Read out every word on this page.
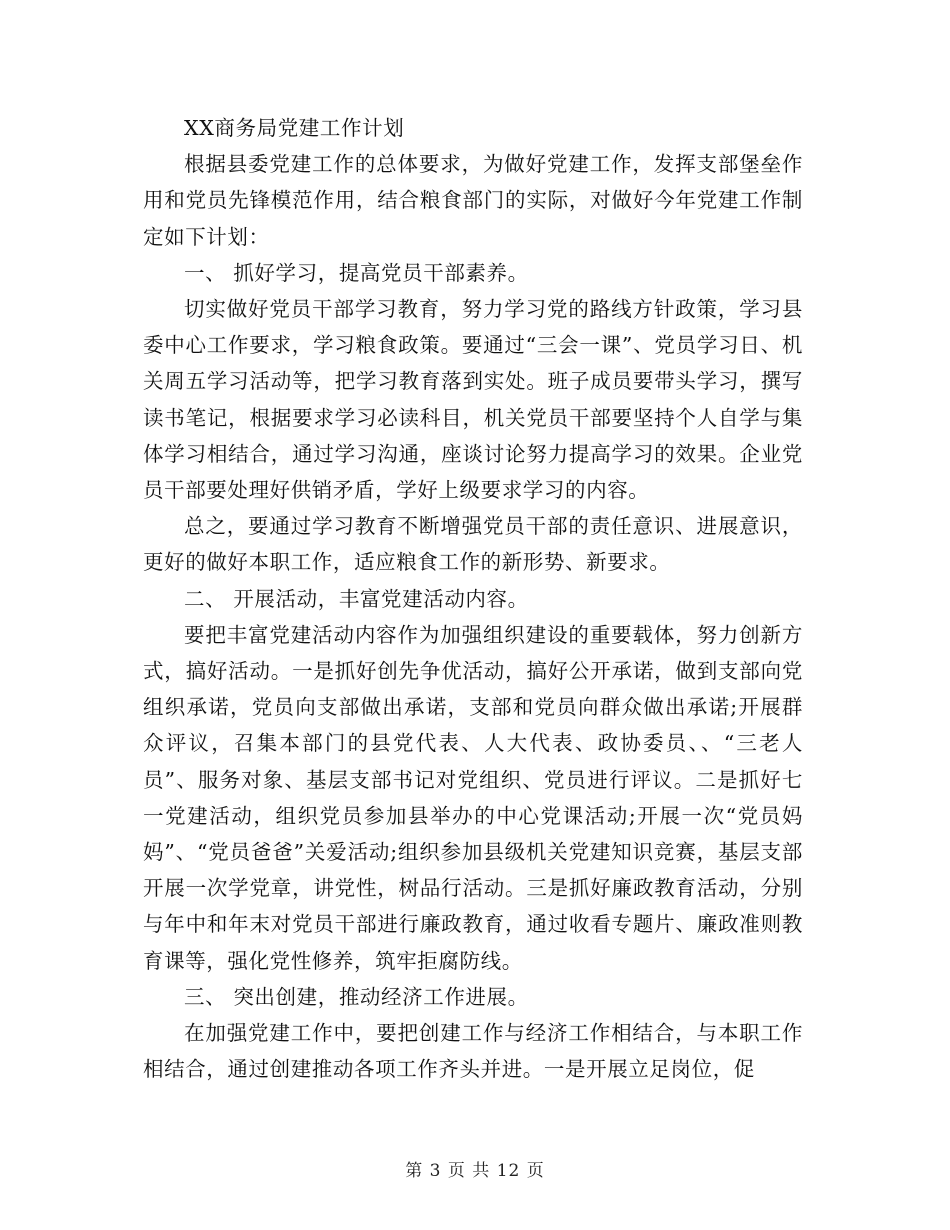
XX商务局党建工作计划

根据县委党建工作的总体要求，为做好党建工作，发挥支部堡垒作用和党员先锋模范作用，结合粮食部门的实际，对做好今年党建工作制定如下计划：

一、 抓好学习，提高党员干部素养。

切实做好党员干部学习教育，努力学习党的路线方针政策，学习县委中心工作要求，学习粮食政策。要通过“三会一课”、党员学习日、机关周五学习活动等，把学习教育落到实处。班子成员要带头学习，撰写读书笔记，根据要求学习必读科目，机关党员干部要坚持个人自学与集体学习相结合，通过学习沟通，座谈讨论努力提高学习的效果。企业党员干部要处理好供销矛盾，学好上级要求学习的内容。

总之，要通过学习教育不断增强党员干部的责任意识、进展意识，更好的做好本职工作，适应粮食工作的新形势、新要求。

二、 开展活动，丰富党建活动内容。

要把丰富党建活动内容作为加强组织建设的重要载体，努力创新方式，搞好活动。一是抓好创先争优活动，搞好公开承诺，做到支部向党组织承诺，党员向支部做出承诺，支部和党员向群众做出承诺;开展群众评议，召集本部门的县党代表、人大代表、政协委员、、“三老人员”、服务对象、基层支部书记对党组织、党员进行评议。二是抓好七一党建活动，组织党员参加县举办的中心党课活动;开展一次“党员妈妈”、“党员爸爸”关爱活动;组织参加县级机关党建知识竞赛，基层支部开展一次学党章，讲党性，树品行活动。三是抓好廉政教育活动，分别与年中和年末对党员干部进行廉政教育，通过收看专题片、廉政准则教育课等，强化党性修养，筑牢拒腐防线。

三、 突出创建，推动经济工作进展。

在加强党建工作中，要把创建工作与经济工作相结合，与本职工作相结合，通过创建推动各项工作齐头并进。一是开展立足岗位，促

第 3 页 共 12 页
